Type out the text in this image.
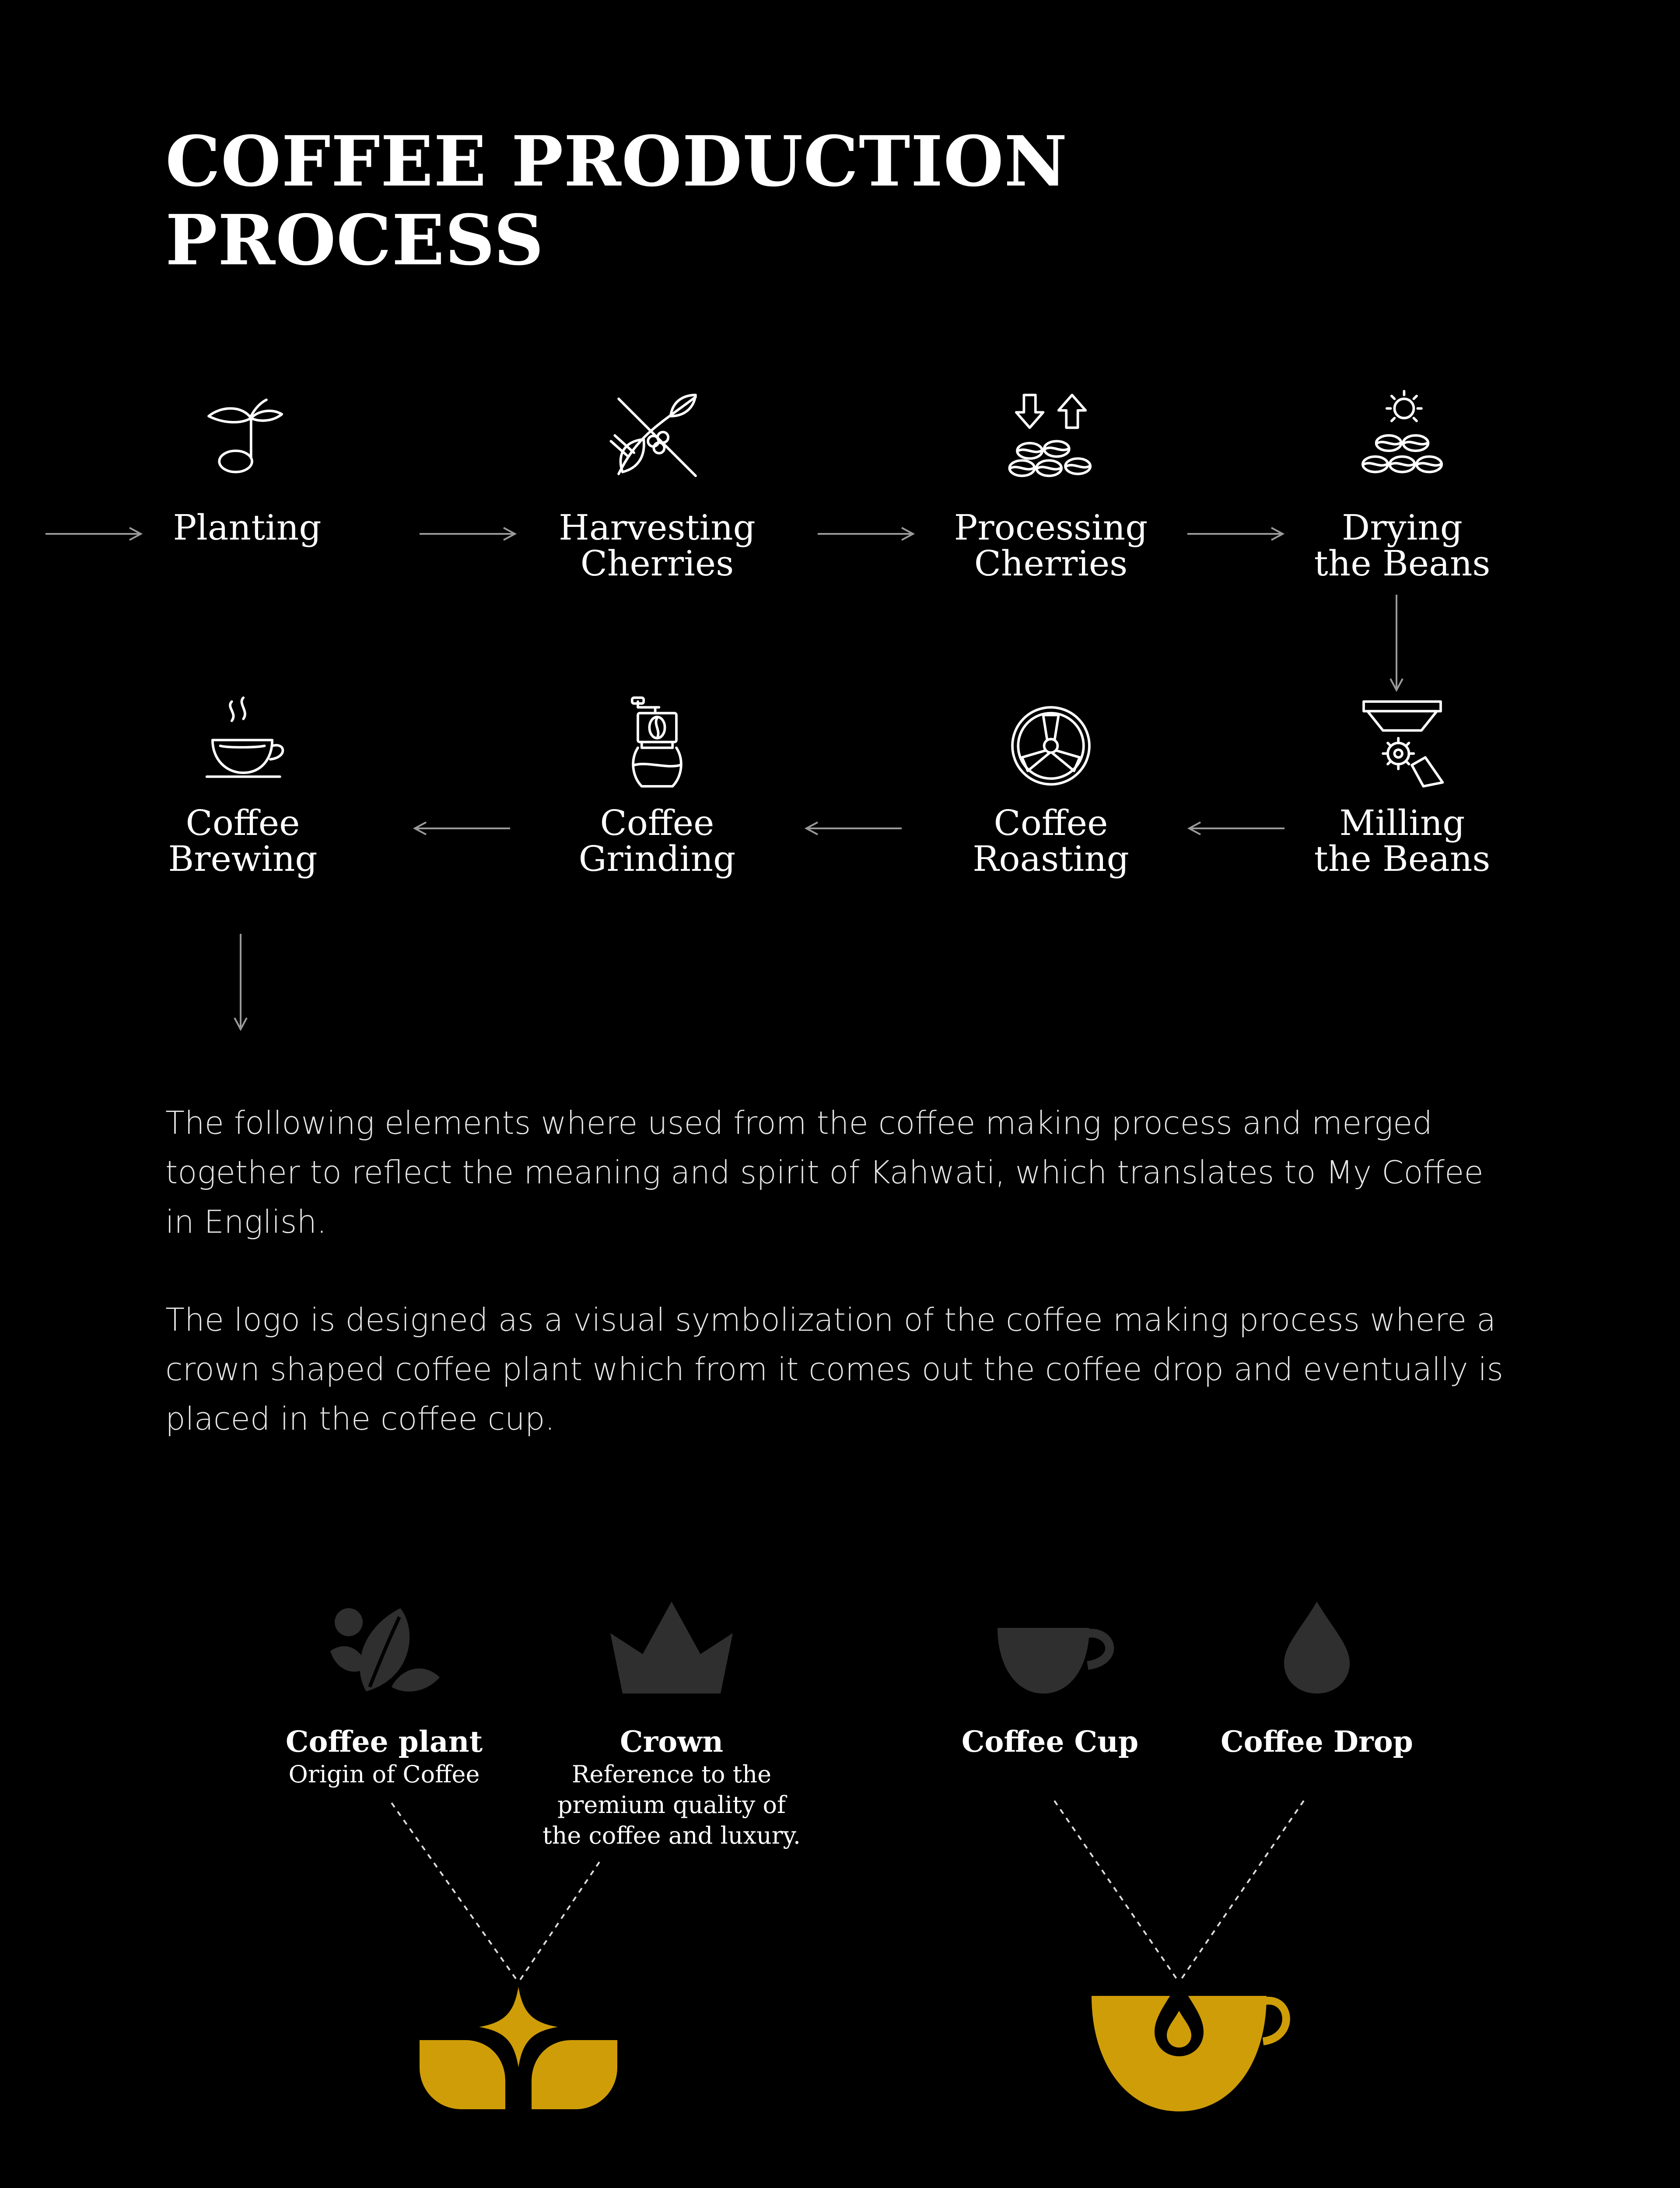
COFFEE PRODUCTION
PROCESS
Planting	Harvesting
Cherries
Processing
Cherries
Drying
the Beans
Milling
the Beans
Coffee
Roasting
Coffee
Grinding
Coffee
Brewing

The following elements where used from the coffee making process and merged together to reflect the meaning and spirit of Kahwati, which translates to My Coffee in English.

The logo is designed as a visual symbolization of the coffee making process where a crown shaped coffee plant which from it comes out the coffee drop and eventually is placed in the coffee cup.

Coffee plant
Origin of Coffee
Crown
Reference to the
premium quality of
the coffee and luxury.
Coffee Cup	Coffee Drop
